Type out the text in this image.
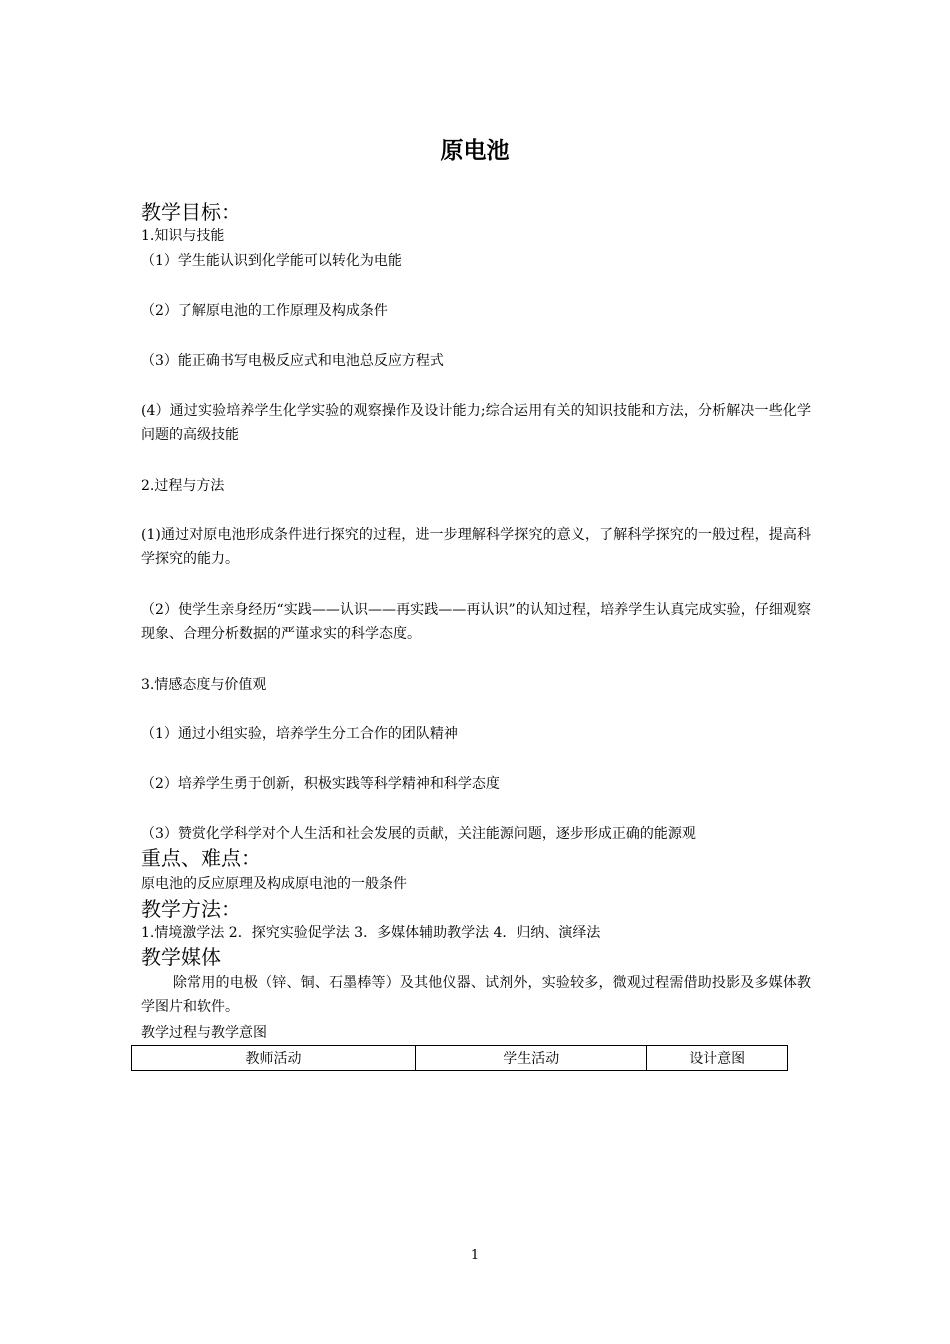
原电池
教学目标：
1.知识与技能
（1）学生能认识到化学能可以转化为电能
（2）了解原电池的工作原理及构成条件
（3）能正确书写电极反应式和电池总反应方程式
(4）通过实验培养学生化学实验的观察操作及设计能力;综合运用有关的知识技能和方法，分析解决一些化学问题的高级技能
2.过程与方法
(1)通过对原电池形成条件进行探究的过程，进一步理解科学探究的意义，了解科学探究的一般过程，提高科学探究的能力。
（2）使学生亲身经历“实践——认识——再实践——再认识”的认知过程，培养学生认真完成实验，仔细观察现象、合理分析数据的严谨求实的科学态度。
3.情感态度与价值观
（1）通过小组实验，培养学生分工合作的团队精神
（2）培养学生勇于创新，积极实践等科学精神和科学态度
（3）赞赏化学科学对个人生活和社会发展的贡献，关注能源问题，逐步形成正确的能源观
重点、难点：
原电池的反应原理及构成原电池的一般条件
教学方法：
1.情境激学法 2．探究实验促学法 3．多媒体辅助教学法 4．归纳、演绎法
教学媒体
除常用的电极（锌、铜、石墨棒等）及其他仪器、试剂外，实验较多，微观过程需借助投影及多媒体教学图片和软件。
教学过程与教学意图
教师活动	学生活动	设计意图
1
